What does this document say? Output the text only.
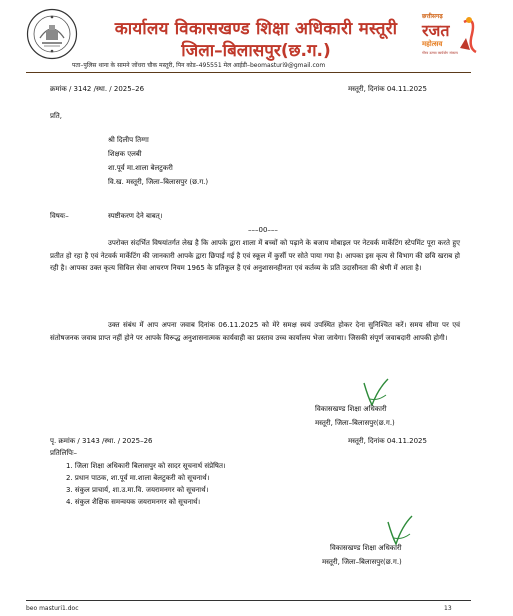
कार्यालय विकासखण्ड शिक्षा अधिकारी मस्तूरी
जिला–बिलासपुर(छ.ग.)
पता–पुलिस थाना के सामने जोंधरा चौक मस्तूरी, पिन कोड–495551 मेल आईडी–beomasturi9@gmail.com
छत्तीसगढ़
रजत
महोत्सव
गौरव उत्सव कार्ययोग संकल्प
क्रमांक / 3142 /स्था. / 2025–26	मस्तूरी, दिनांक 04.11.2025
प्रति,
श्री दिलीप तिग्गा
शिक्षक एलबी
शा.पूर्व मा.शाला बेलटुकरी
वि.ख. मस्तूरी, जिला–बिलासपुर (छ.ग.)
विषयः–	स्पष्टीकरण देने बाबत्।
–––00–––
उपरोक्त संदर्भित विषयांतर्गत लेख है कि आपके द्वारा शाला में बच्चों को पढ़ाने के बजाय मोबाइल पर नेटवर्क मार्केटिंग स्टेपमिंट पूरा करते हुए प्रतीत हो रहा है एवं नेटवर्क मार्केटिंग की जानकारी आपके द्वारा छिपाई गई है एवं स्कूल में कुर्सी पर सोते पाया गया है। आपका इस कृत्य से विभाग की छवि खराब हो रही है। आपका उक्त कृत्य सिविल सेवा आचरण नियम 1965 के प्रतिकूल है एवं अनुशासनहीनता एवं कर्तव्य के प्रति उदासीनता की श्रेणी में आता है।
उक्त संबंध में आप अपना जवाब दिनांक 06.11.2025 को मेरे समक्ष स्वयं उपस्थित होकर देना सुनिश्चित करें। समय सीमा पर एवं संतोषजनक जवाब प्राप्त नहीं होने पर आपके विरूद्ध अनुशासनात्मक कार्यवाही का प्रस्ताव उच्च कार्यालय भेजा जायेगा। जिसकी संपूर्ण जवाबदारी आपकी होगी।
विकासखण्ड शिक्षा अधिकारी
मस्तूरी, जिला–बिलासपुर(छ.ग.)
पृ. क्रमांक / 3143 /स्था. / 2025–26	मस्तूरी, दिनांक 04.11.2025
प्रतिलिपिः–
1. जिला शिक्षा अधिकारी बिलासपुर को सादर सूचनार्थ संप्रेषित।
2. प्रधान पाठक, शा.पूर्व मा.शाला बेलटुकरी को सूचनार्थ।
3. संकुल प्राचार्य, शा.उ.मा.वि. जयरामनगर को सूचनार्थ।
4. संकुल शैक्षिक समन्वयक जयरामनगर को सूचनार्थ।
विकासखण्ड शिक्षा अधिकारी
मस्तूरी, जिला–बिलासपुर(छ.ग.)
beo masturi1.doc	13
